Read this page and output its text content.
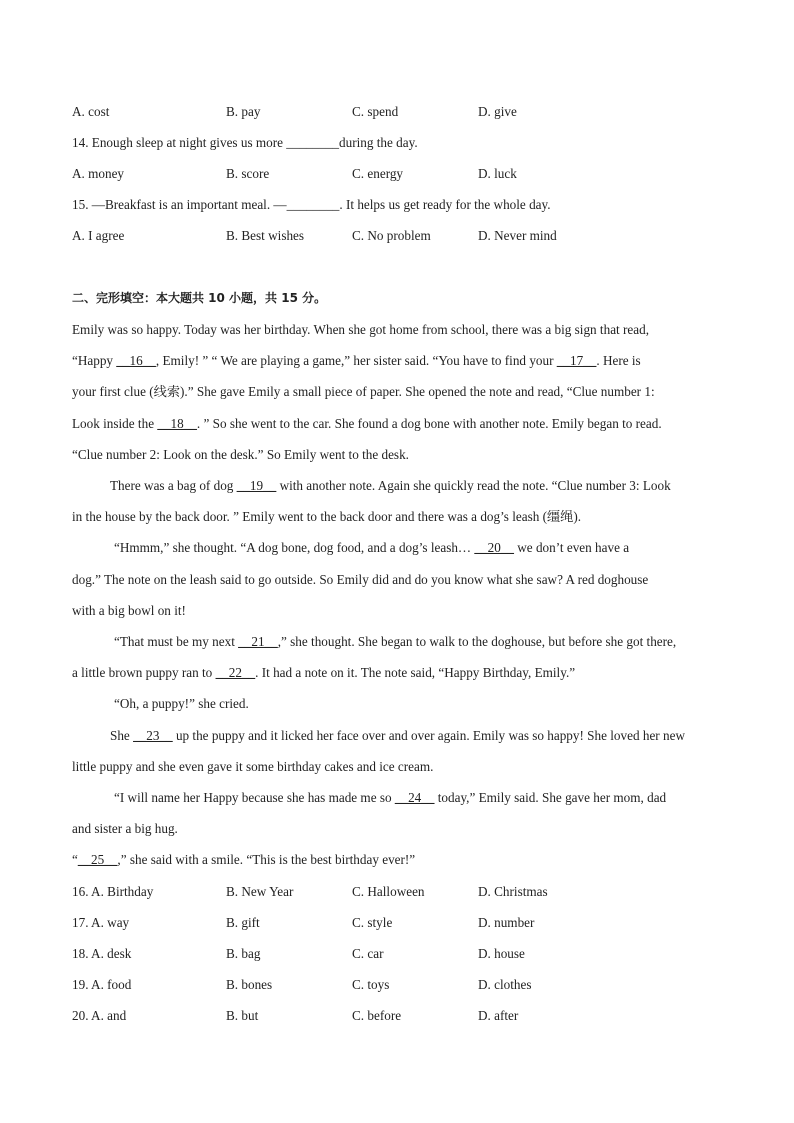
A. cost	B. pay	C. spend	D. give
14. Enough sleep at night gives us more ________during the day.
A. money	B. score	C. energy	D. luck
15. —Breakfast is an important meal. —________. It helps us get ready for the whole day.
A. I agree	B. Best wishes	C. No problem	D. Never mind
二、完形填空：本大题共 10 小题，共 15 分。
Emily was so happy. Today was her birthday. When she got home from school, there was a big sign that read,
“Happy __16__, Emily! ” “ We are playing a game,” her sister said. “You have to find your __17__. Here is
your first clue (线索).” She gave Emily a small piece of paper. She opened the note and read, “Clue number 1:
Look inside the __18__. ” So she went to the car. She found a dog bone with another note. Emily began to read.
“Clue number 2: Look on the desk.” So Emily went to the desk.
There was a bag of dog __19__ with another note. Again she quickly read the note. “Clue number 3: Look
in the house by the back door. ” Emily went to the back door and there was a dog’s leash (缰绳).
“Hmmm,” she thought. “A dog bone, dog food, and a dog’s leash… __20__ we don’t even have a
dog.” The note on the leash said to go outside. So Emily did and do you know what she saw? A red doghouse
with a big bowl on it!
“That must be my next __21__,” she thought. She began to walk to the doghouse, but before she got there,
a little brown puppy ran to __22__. It had a note on it. The note said, “Happy Birthday, Emily.”
“Oh, a puppy!” she cried.
She __23__ up the puppy and it licked her face over and over again. Emily was so happy! She loved her new
little puppy and she even gave it some birthday cakes and ice cream.
“I will name her Happy because she has made me so __24__ today,” Emily said. She gave her mom, dad
and sister a big hug.
“__25__,” she said with a smile. “This is the best birthday ever!”
16. A. Birthday	B. New Year	C. Halloween	D. Christmas
17. A. way	B. gift	C. style	D. number
18. A. desk	B. bag	C. car	D. house
19. A. food	B. bones	C. toys	D. clothes
20. A. and	B. but	C. before	D. after
